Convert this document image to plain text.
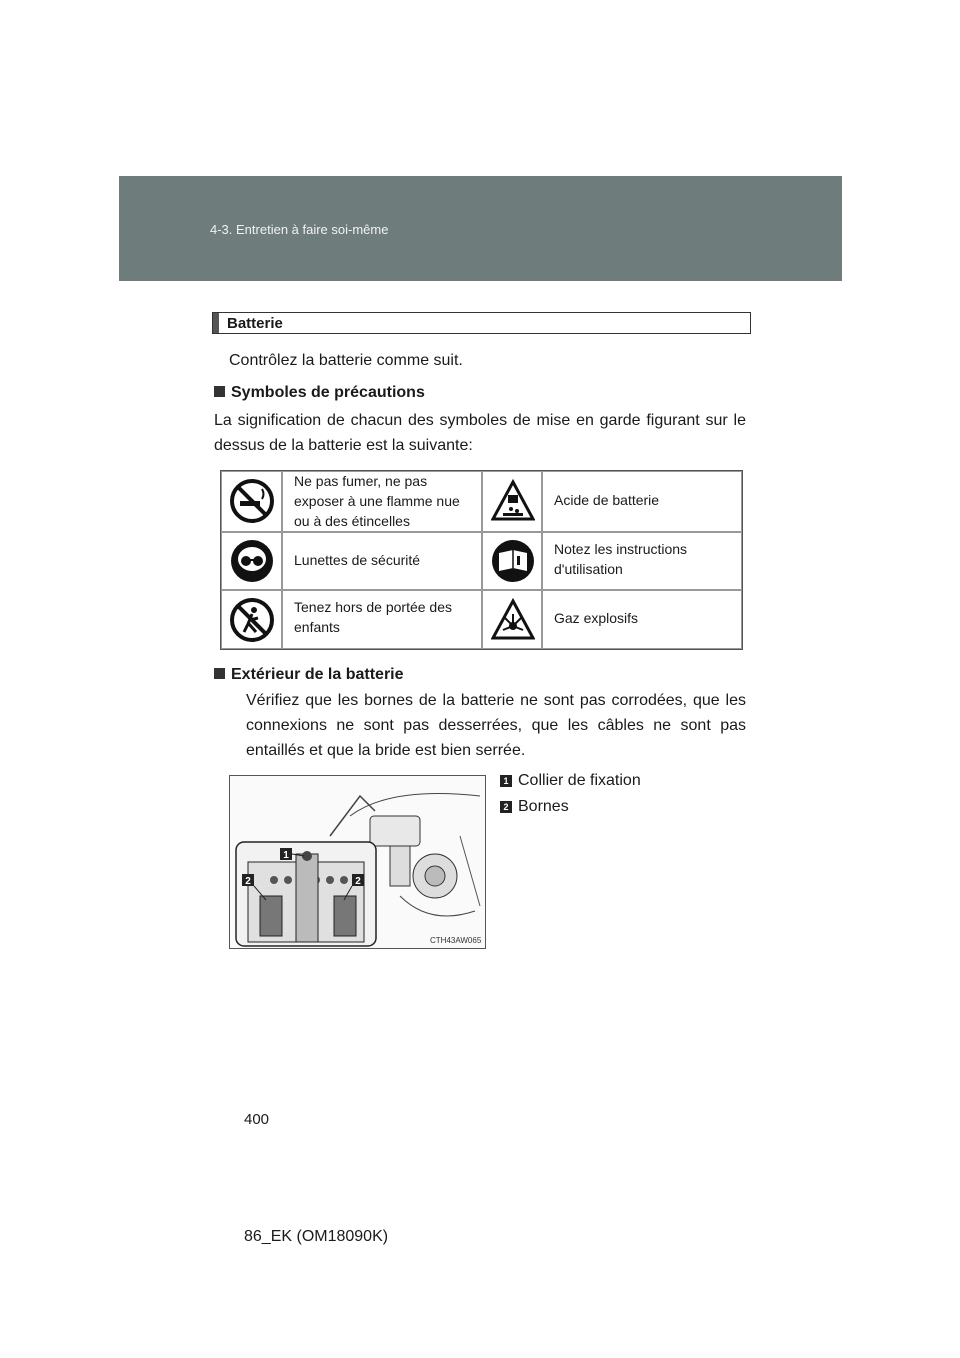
4-3. Entretien à faire soi-même
Batterie
Contrôlez la batterie comme suit.
Symboles de précautions
La signification de chacun des symboles de mise en garde figurant sur le dessus de la batterie est la suivante:
Ne pas fumer, ne pas exposer à une flamme nue ou à des étincelles
Acide de batterie
Lunettes de sécurité
Notez les instructions d'utilisation
Tenez hors de portée des enfants
Gaz explosifs
Extérieur de la batterie
Vérifiez que les bornes de la batterie ne sont pas corrodées, que les connexions ne sont pas desserrées, que les câbles ne sont pas entaillés et que la bride est bien serrée.
1
2	2
CTH43AW065
1 Collier de fixation
2 Bornes
400
86_EK (OM18090K)
